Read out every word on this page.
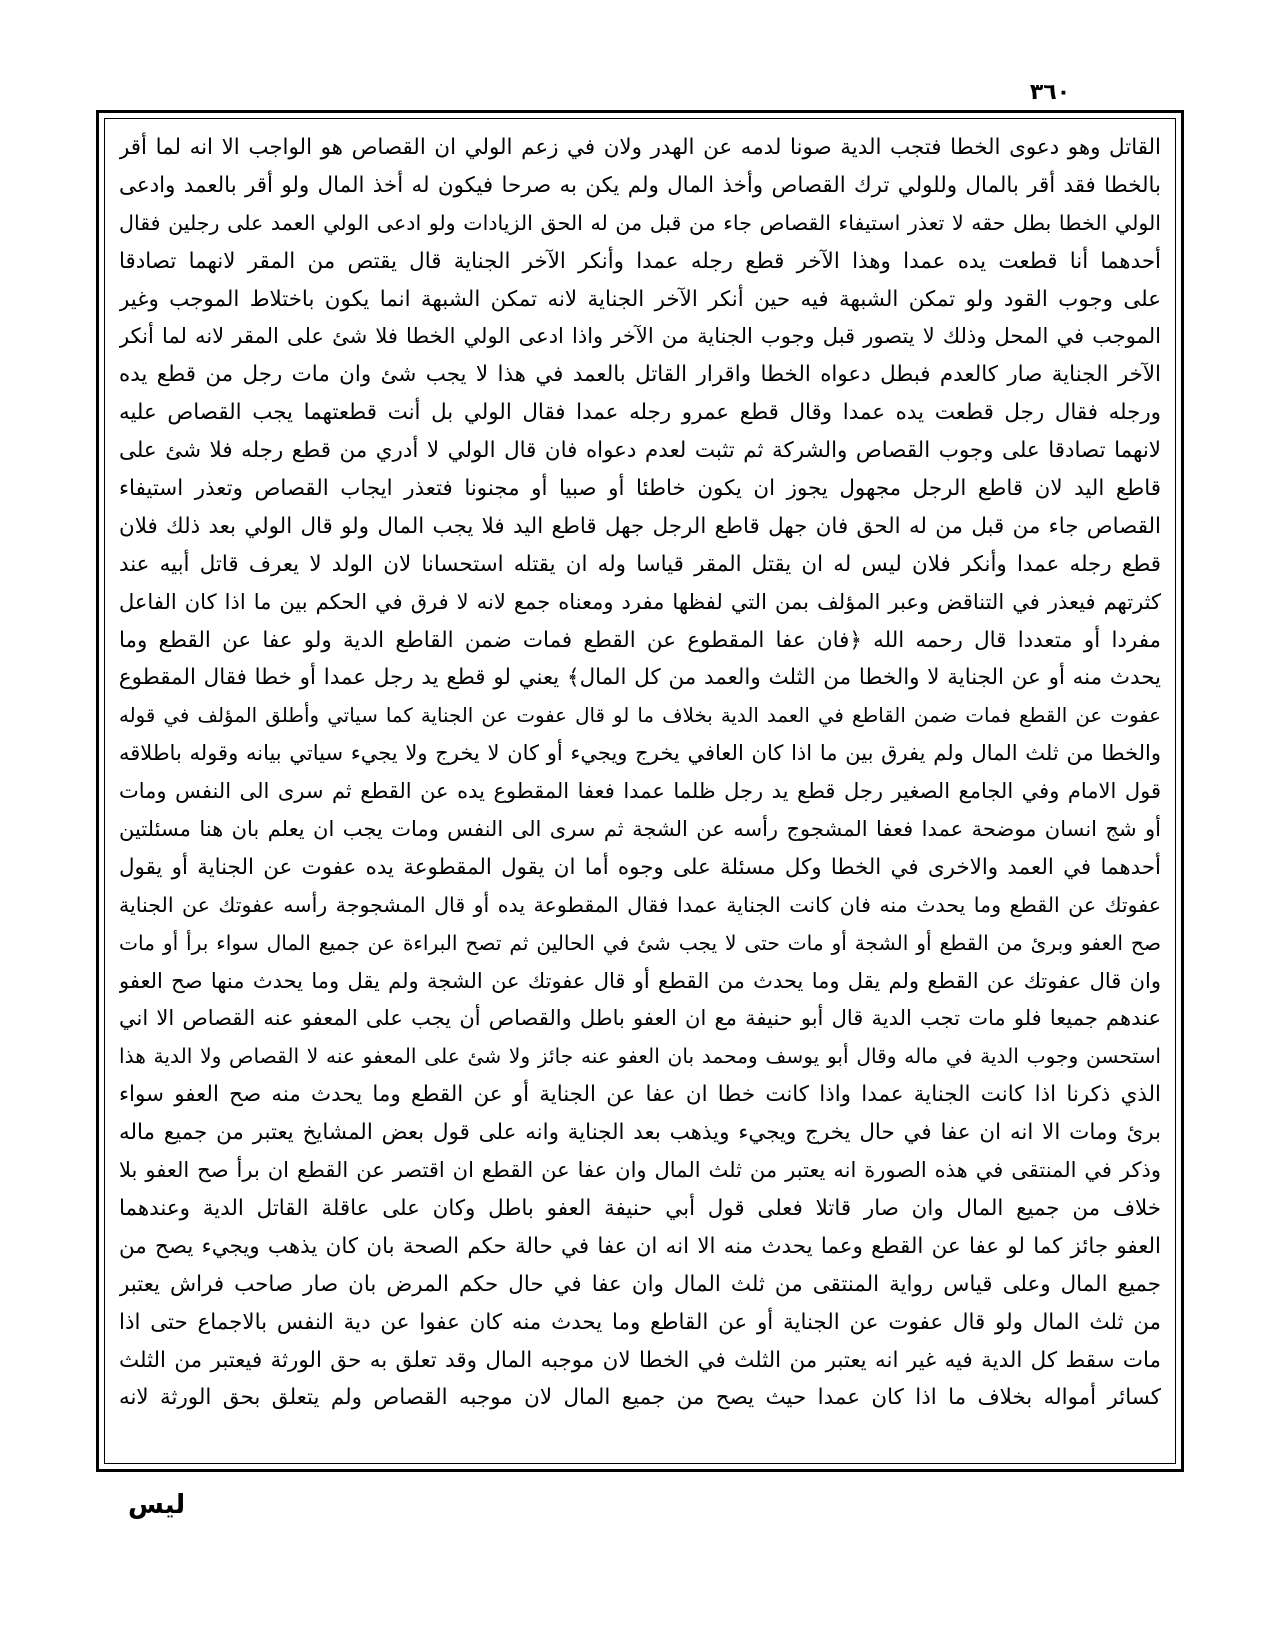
٣٦٠
القاتل وهو دعوى الخطا فتجب الدية صونا لدمه عن الهدر ولان في زعم الولي ان القصاص هو الواجب الا انه لما أقر
بالخطا فقد أقر بالمال وللولي ترك القصاص وأخذ المال ولم يكن به صرحا فيكون له أخذ المال ولو أقر بالعمد وادعى
الولي الخطا بطل حقه لا تعذر استيفاء القصاص جاء من قبل من له الحق الزيادات ولو ادعى الولي العمد على رجلين فقال
أحدهما أنا قطعت يده عمدا وهذا الآخر قطع رجله عمدا وأنكر الآخر الجناية قال يقتص من المقر لانهما تصادقا
على وجوب القود ولو تمكن الشبهة فيه حين أنكر الآخر الجناية لانه تمكن الشبهة انما يكون باختلاط الموجب وغير
الموجب في المحل وذلك لا يتصور قبل وجوب الجناية من الآخر واذا ادعى الولي الخطا فلا شئ على المقر لانه لما أنكر
الآخر الجناية صار كالعدم فبطل دعواه الخطا واقرار القاتل بالعمد في هذا لا يجب شئ وان مات رجل من قطع يده
ورجله فقال رجل قطعت يده عمدا وقال قطع عمرو رجله عمدا فقال الولي بل أنت قطعتهما يجب القصاص عليه
لانهما تصادقا على وجوب القصاص والشركة ثم تثبت لعدم دعواه فان قال الولي لا أدري من قطع رجله فلا شئ على
قاطع اليد لان قاطع الرجل مجهول يجوز ان يكون خاطئا أو صبيا أو مجنونا فتعذر ايجاب القصاص وتعذر استيفاء
القصاص جاء من قبل من له الحق فان جهل قاطع الرجل جهل قاطع اليد فلا يجب المال ولو قال الولي بعد ذلك فلان
قطع رجله عمدا وأنكر فلان ليس له ان يقتل المقر قياسا وله ان يقتله استحسانا لان الولد لا يعرف قاتل أبيه عند
كثرتهم فيعذر في التناقض وعبر المؤلف بمن التي لفظها مفرد ومعناه جمع لانه لا فرق في الحكم بين ما اذا كان الفاعل
مفردا أو متعددا قال رحمه الله ﴿فان عفا المقطوع عن القطع فمات ضمن القاطع الدية ولو عفا عن القطع وما
يحدث منه أو عن الجناية لا والخطا من الثلث والعمد من كل المال﴾ يعني لو قطع يد رجل عمدا أو خطا فقال المقطوع
عفوت عن القطع فمات ضمن القاطع في العمد الدية بخلاف ما لو قال عفوت عن الجناية كما سياتي وأطلق المؤلف في قوله
والخطا من ثلث المال ولم يفرق بين ما اذا كان العافي يخرج ويجيء أو كان لا يخرج ولا يجيء سياتي بيانه وقوله باطلاقه
قول الامام وفي الجامع الصغير رجل قطع يد رجل ظلما عمدا فعفا المقطوع يده عن القطع ثم سرى الى النفس ومات
أو شج انسان موضحة عمدا فعفا المشجوج رأسه عن الشجة ثم سرى الى النفس ومات يجب ان يعلم بان هنا مسئلتين
أحدهما في العمد والاخرى في الخطا وكل مسئلة على وجوه أما ان يقول المقطوعة يده عفوت عن الجناية أو يقول
عفوتك عن القطع وما يحدث منه فان كانت الجناية عمدا فقال المقطوعة يده أو قال المشجوجة رأسه عفوتك عن الجناية
صح العفو وبرئ من القطع أو الشجة أو مات حتى لا يجب شئ في الحالين ثم تصح البراءة عن جميع المال سواء برأ أو مات
وان قال عفوتك عن القطع ولم يقل وما يحدث من القطع أو قال عفوتك عن الشجة ولم يقل وما يحدث منها صح العفو
عندهم جميعا فلو مات تجب الدية قال أبو حنيفة مع ان العفو باطل والقصاص أن يجب على المعفو عنه القصاص الا اني
استحسن وجوب الدية في ماله وقال أبو يوسف ومحمد بان العفو عنه جائز ولا شئ على المعفو عنه لا القصاص ولا الدية هذا
الذي ذكرنا اذا كانت الجناية عمدا واذا كانت خطا ان عفا عن الجناية أو عن القطع وما يحدث منه صح العفو سواء
برئ ومات الا انه ان عفا في حال يخرج ويجيء ويذهب بعد الجناية وانه على قول بعض المشايخ يعتبر من جميع ماله
وذكر في المنتقى في هذه الصورة انه يعتبر من ثلث المال وان عفا عن القطع ان اقتصر عن القطع ان برأ صح العفو بلا
خلاف من جميع المال وان صار قاتلا فعلى قول أبي حنيفة العفو باطل وكان على عاقلة القاتل الدية وعندهما
العفو جائز كما لو عفا عن القطع وعما يحدث منه الا انه ان عفا في حالة حكم الصحة بان كان يذهب ويجيء يصح من
جميع المال وعلى قياس رواية المنتقى من ثلث المال وان عفا في حال حكم المرض بان صار صاحب فراش يعتبر
من ثلث المال ولو قال عفوت عن الجناية أو عن القاطع وما يحدث منه كان عفوا عن دية النفس بالاجماع حتى اذا
مات سقط كل الدية فيه غير انه يعتبر من الثلث في الخطا لان موجبه المال وقد تعلق به حق الورثة فيعتبر من الثلث
كسائر أمواله بخلاف ما اذا كان عمدا حيث يصح من جميع المال لان موجبه القصاص ولم يتعلق بحق الورثة لانه
ليس
